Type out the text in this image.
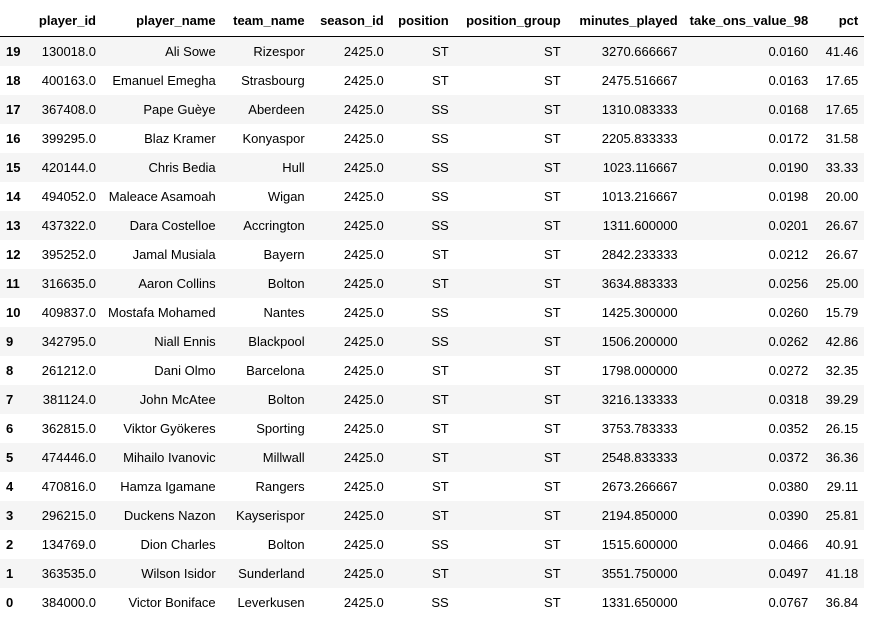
	player_id	player_name	team_name	season_id	position	position_group	minutes_played	take_ons_value_98	pct
19	130018.0	Ali Sowe	Rizespor	2425.0	ST	ST	3270.666667	0.0160	41.46
18	400163.0	Emanuel Emegha	Strasbourg	2425.0	ST	ST	2475.516667	0.0163	17.65
17	367408.0	Pape Guèye	Aberdeen	2425.0	SS	ST	1310.083333	0.0168	17.65
16	399295.0	Blaz Kramer	Konyaspor	2425.0	SS	ST	2205.833333	0.0172	31.58
15	420144.0	Chris Bedia	Hull	2425.0	SS	ST	1023.116667	0.0190	33.33
14	494052.0	Maleace Asamoah	Wigan	2425.0	SS	ST	1013.216667	0.0198	20.00
13	437322.0	Dara Costelloe	Accrington	2425.0	SS	ST	1311.600000	0.0201	26.67
12	395252.0	Jamal Musiala	Bayern	2425.0	ST	ST	2842.233333	0.0212	26.67
11	316635.0	Aaron Collins	Bolton	2425.0	ST	ST	3634.883333	0.0256	25.00
10	409837.0	Mostafa Mohamed	Nantes	2425.0	SS	ST	1425.300000	0.0260	15.79
9	342795.0	Niall Ennis	Blackpool	2425.0	SS	ST	1506.200000	0.0262	42.86
8	261212.0	Dani Olmo	Barcelona	2425.0	ST	ST	1798.000000	0.0272	32.35
7	381124.0	John McAtee	Bolton	2425.0	ST	ST	3216.133333	0.0318	39.29
6	362815.0	Viktor Gyökeres	Sporting	2425.0	ST	ST	3753.783333	0.0352	26.15
5	474446.0	Mihailo Ivanovic	Millwall	2425.0	ST	ST	2548.833333	0.0372	36.36
4	470816.0	Hamza Igamane	Rangers	2425.0	ST	ST	2673.266667	0.0380	29.11
3	296215.0	Duckens Nazon	Kayserispor	2425.0	ST	ST	2194.850000	0.0390	25.81
2	134769.0	Dion Charles	Bolton	2425.0	SS	ST	1515.600000	0.0466	40.91
1	363535.0	Wilson Isidor	Sunderland	2425.0	ST	ST	3551.750000	0.0497	41.18
0	384000.0	Victor Boniface	Leverkusen	2425.0	SS	ST	1331.650000	0.0767	36.84
